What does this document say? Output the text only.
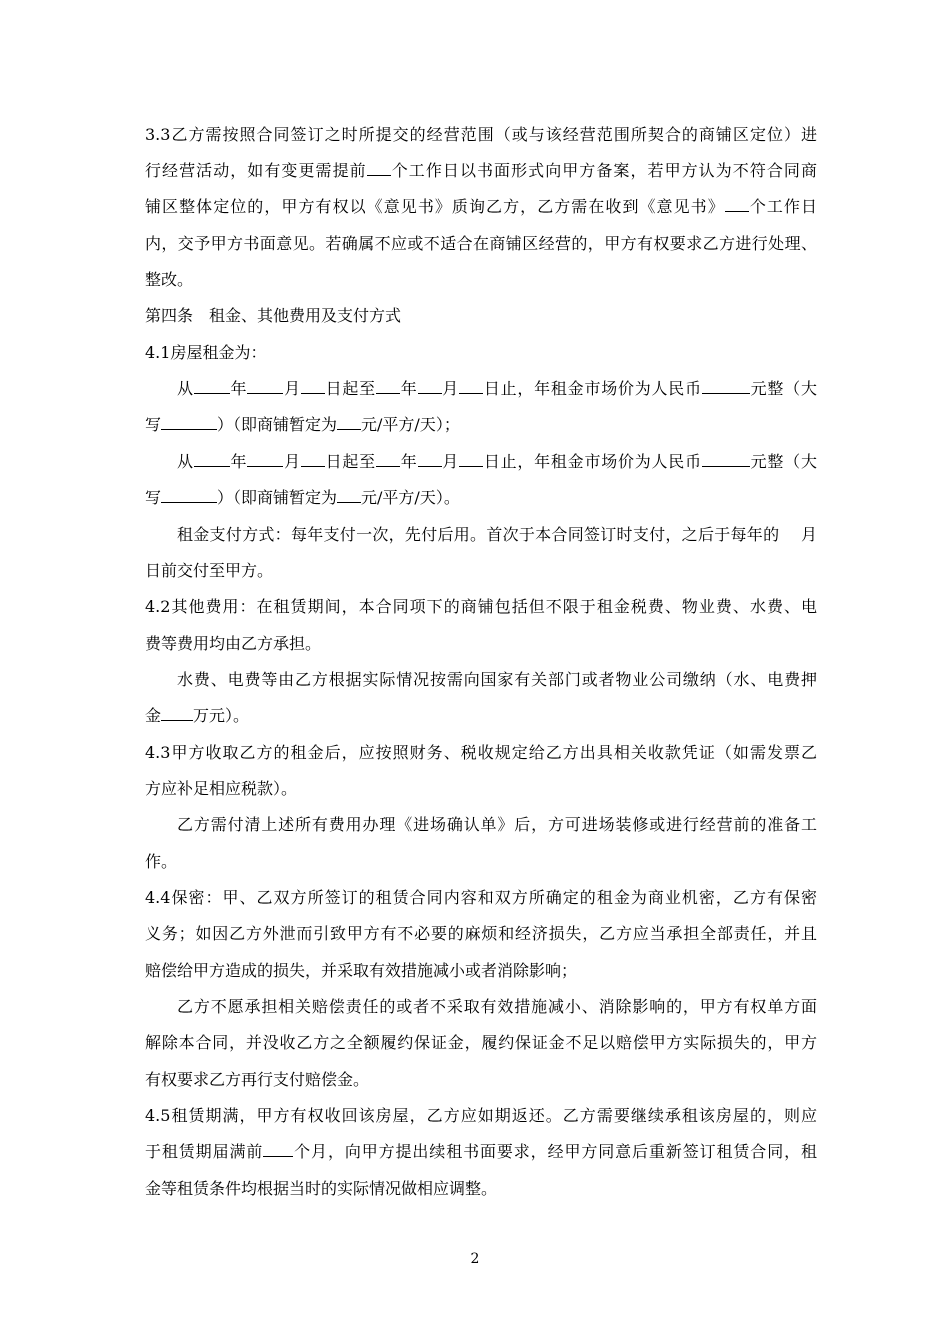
3.3乙方需按照合同签订之时所提交的经营范围（或与该经营范围所契合的商铺区定位）进
行经营活动，如有变更需提前 个工作日以书面形式向甲方备案，若甲方认为不符合同商
铺区整体定位的，甲方有权以《意见书》质询乙方，乙方需在收到《意见书》 个工作日
内，交予甲方书面意见。若确属不应或不适合在商铺区经营的，甲方有权要求乙方进行处理、
整改。
第四条　租金、其他费用及支付方式
4.1房屋租金为：
从 年 月 日起至 年 月 日止，年租金市场价为人民币	元整（大
写	）（即商铺暂定为 元/平方/天）；
从 年 月 日起至 年 月 日止，年租金市场价为人民币	元整（大
写	）（即商铺暂定为 元/平方/天）。
租金支付方式：每年支付一次，先付后用。首次于本合同签订时支付，之后于每年的　 月
日前交付至甲方。
4.2其他费用：在租赁期间，本合同项下的商铺包括但不限于租金税费、物业费、水费、电
费等费用均由乙方承担。
水费、电费等由乙方根据实际情况按需向国家有关部门或者物业公司缴纳（水、电费押
金 万元）。
4.3甲方收取乙方的租金后，应按照财务、税收规定给乙方出具相关收款凭证（如需发票乙
方应补足相应税款）。
乙方需付清上述所有费用办理《进场确认单》后，方可进场装修或进行经营前的准备工
作。
4.4保密：甲、乙双方所签订的租赁合同内容和双方所确定的租金为商业机密，乙方有保密
义务；如因乙方外泄而引致甲方有不必要的麻烦和经济损失，乙方应当承担全部责任，并且
赔偿给甲方造成的损失，并采取有效措施减小或者消除影响；
乙方不愿承担相关赔偿责任的或者不采取有效措施减小、消除影响的，甲方有权单方面
解除本合同，并没收乙方之全额履约保证金，履约保证金不足以赔偿甲方实际损失的，甲方
有权要求乙方再行支付赔偿金。
4.5租赁期满，甲方有权收回该房屋，乙方应如期返还。乙方需要继续承租该房屋的，则应
于租赁期届满前 个月，向甲方提出续租书面要求，经甲方同意后重新签订租赁合同，租
金等租赁条件均根据当时的实际情况做相应调整。
2
